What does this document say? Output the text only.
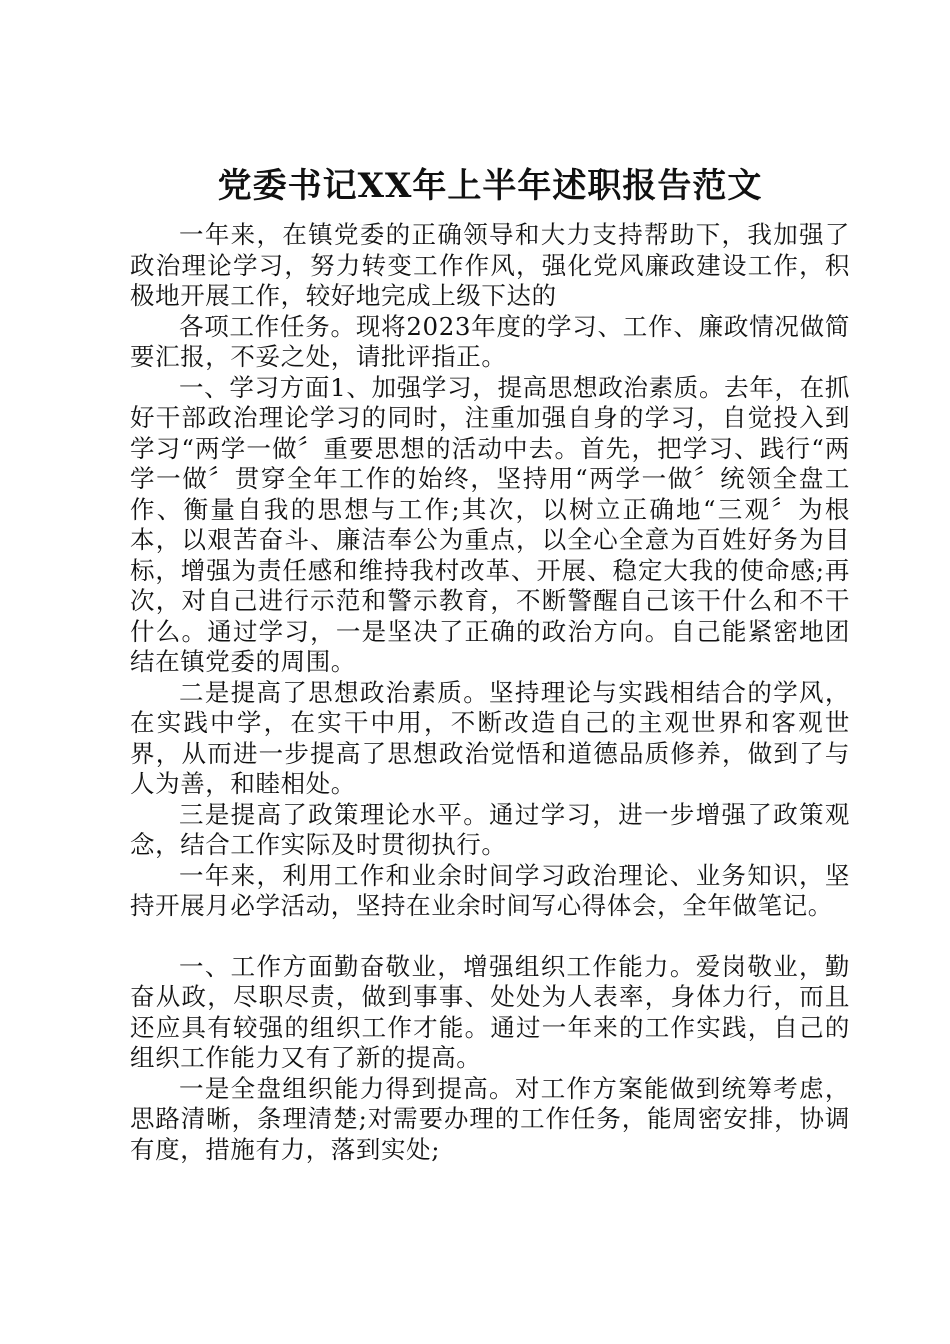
党委书记XX年上半年述职报告范文

一年来，在镇党委的正确领导和大力支持帮助下，我加强了政治理论学习，努力转变工作作风，强化党风廉政建设工作，积极地开展工作，较好地完成上级下达的

各项工作任务。现将2023年度的学习、工作、廉政情况做简要汇报，不妥之处，请批评指正。

一、学习方面1、加强学习，提高思想政治素质。去年，在抓好干部政治理论学习的同时，注重加强自身的学习，自觉投入到学习“两学一做〞重要思想的活动中去。首先，把学习、践行“两学一做〞贯穿全年工作的始终，坚持用“两学一做〞统领全盘工作、衡量自我的思想与工作;其次，以树立正确地“三观〞为根本，以艰苦奋斗、廉洁奉公为重点，以全心全意为百姓好务为目标，增强为责任感和维持我村改革、开展、稳定大我的使命感;再次，对自己进行示范和警示教育，不断警醒自己该干什么和不干什么。通过学习，一是坚决了正确的政治方向。自己能紧密地团结在镇党委的周围。

二是提高了思想政治素质。坚持理论与实践相结合的学风，在实践中学，在实干中用，不断改造自己的主观世界和客观世界，从而进一步提高了思想政治觉悟和道德品质修养，做到了与人为善，和睦相处。

三是提高了政策理论水平。通过学习，进一步增强了政策观念，结合工作实际及时贯彻执行。

一年来，利用工作和业余时间学习政治理论、业务知识，坚持开展月必学活动，坚持在业余时间写心得体会，全年做笔记。

一、工作方面勤奋敬业，增强组织工作能力。爱岗敬业，勤奋从政，尽职尽责，做到事事、处处为人表率，身体力行，而且还应具有较强的组织工作才能。通过一年来的工作实践，自己的组织工作能力又有了新的提高。

一是全盘组织能力得到提高。对工作方案能做到统筹考虑，思路清晰，条理清楚;对需要办理的工作任务，能周密安排，协调有度，措施有力，落到实处;
